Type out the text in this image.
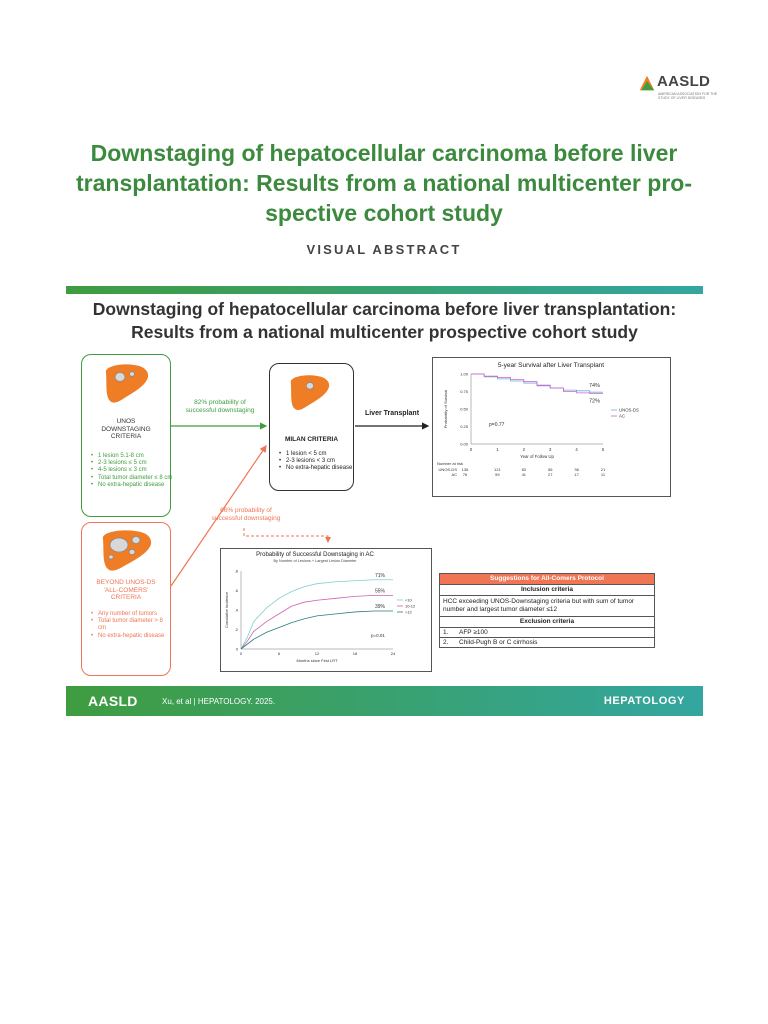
AASLD
AMERICAN ASSOCIATION FOR THE STUDY OF LIVER DISEASES
Downstaging of hepatocellular carcinoma before liver transplantation: Results from a national multicenter pro-spective cohort study
VISUAL ABSTRACT
Downstaging of hepatocellular carcinoma before liver transplantation: Results from a national multicenter prospective cohort study
UNOS
DOWNSTAGING
CRITERIA
• 1 lesion 5.1-8 cm
• 2-3 lesions ≤ 5 cm
• 4-5 lesions ≤ 3 cm
• Total tumor diameter ≤ 8 cm
• No extra-hepatic disease
BEYOND UNOS-DS
'ALL-COMERS'
CRITERIA
• Any number of tumors
• Total tumor diameter > 8 cm
• No extra-hepatic disease
MILAN CRITERIA
• 1 lesion < 5 cm
• 2-3 lesions < 3 cm
• No extra-hepatic disease
82% probability of
successful downstaging
66% probability of
successful downstaging
Liver Transplant
5-year Survival after Liver Transplant
0	1	2	3	4	5
0.00
0.25
0.50
0.75
1.00
Year of Follow Up
Probability of Survival
74%
UNOS-DS
72%
AC
p=0.77
Number at risk
UNOS-DS 136	121	83	56	36	21
AC 76	59	41	27	17	11
Probability of Successful Downstaging in AC
By Number of Lesions + Largest Lesion Diameter
0	6	12	18	24
0
.2
.4
.6
.8
Months since First LRT
Cumulative Incidence
71%
<10
55%
10-12
39%
>12
p=0.01
Suggestions for All-Comers Protocol
Inclusion criteria
HCC exceeding UNOS-Downstaging criteria but with sum of tumor number and largest tumor diameter ≤12
Exclusion criteria
1. AFP ≥100
2. Child-Pugh B or C cirrhosis
AASLD	Xu, et al | HEPATOLOGY. 2025.	HEPATOLOGY
